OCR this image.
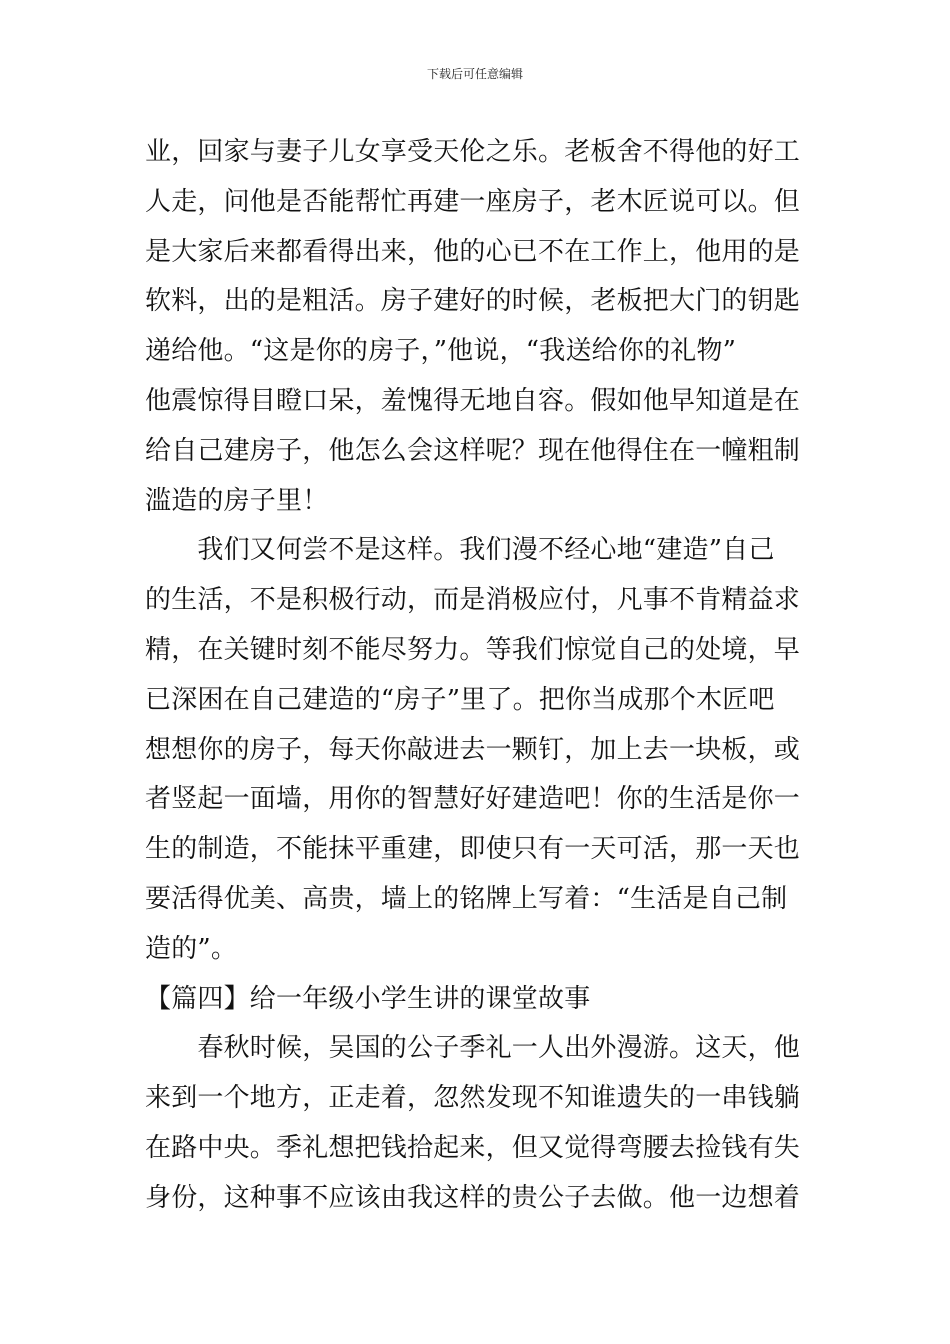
下载后可任意编辑
业，回家与妻子儿女享受天伦之乐。老板舍不得他的好工
人走，问他是否能帮忙再建一座房子，老木匠说可以。但
是大家后来都看得出来，他的心已不在工作上，他用的是
软料，出的是粗活。房子建好的时候，老板把大门的钥匙
递给他。“这是你的房子，”他说，“我送给你的礼物”
他震惊得目瞪口呆，羞愧得无地自容。假如他早知道是在
给自己建房子，他怎么会这样呢？现在他得住在一幢粗制
滥造的房子里！
　　我们又何尝不是这样。我们漫不经心地“建造”自己
的生活，不是积极行动，而是消极应付，凡事不肯精益求
精，在关键时刻不能尽努力。等我们惊觉自己的处境，早
已深困在自己建造的“房子”里了。把你当成那个木匠吧
想想你的房子，每天你敲进去一颗钉，加上去一块板，或
者竖起一面墙，用你的智慧好好建造吧！你的生活是你一
生的制造，不能抹平重建，即使只有一天可活，那一天也
要活得优美、高贵，墙上的铭牌上写着：“生活是自己制
造的”。
【篇四】给一年级小学生讲的课堂故事
　　春秋时候，吴国的公子季礼一人出外漫游。这天，他
来到一个地方，正走着，忽然发现不知谁遗失的一串钱躺
在路中央。季礼想把钱拾起来，但又觉得弯腰去捡钱有失
身份，这种事不应该由我这样的贵公子去做。他一边想着
